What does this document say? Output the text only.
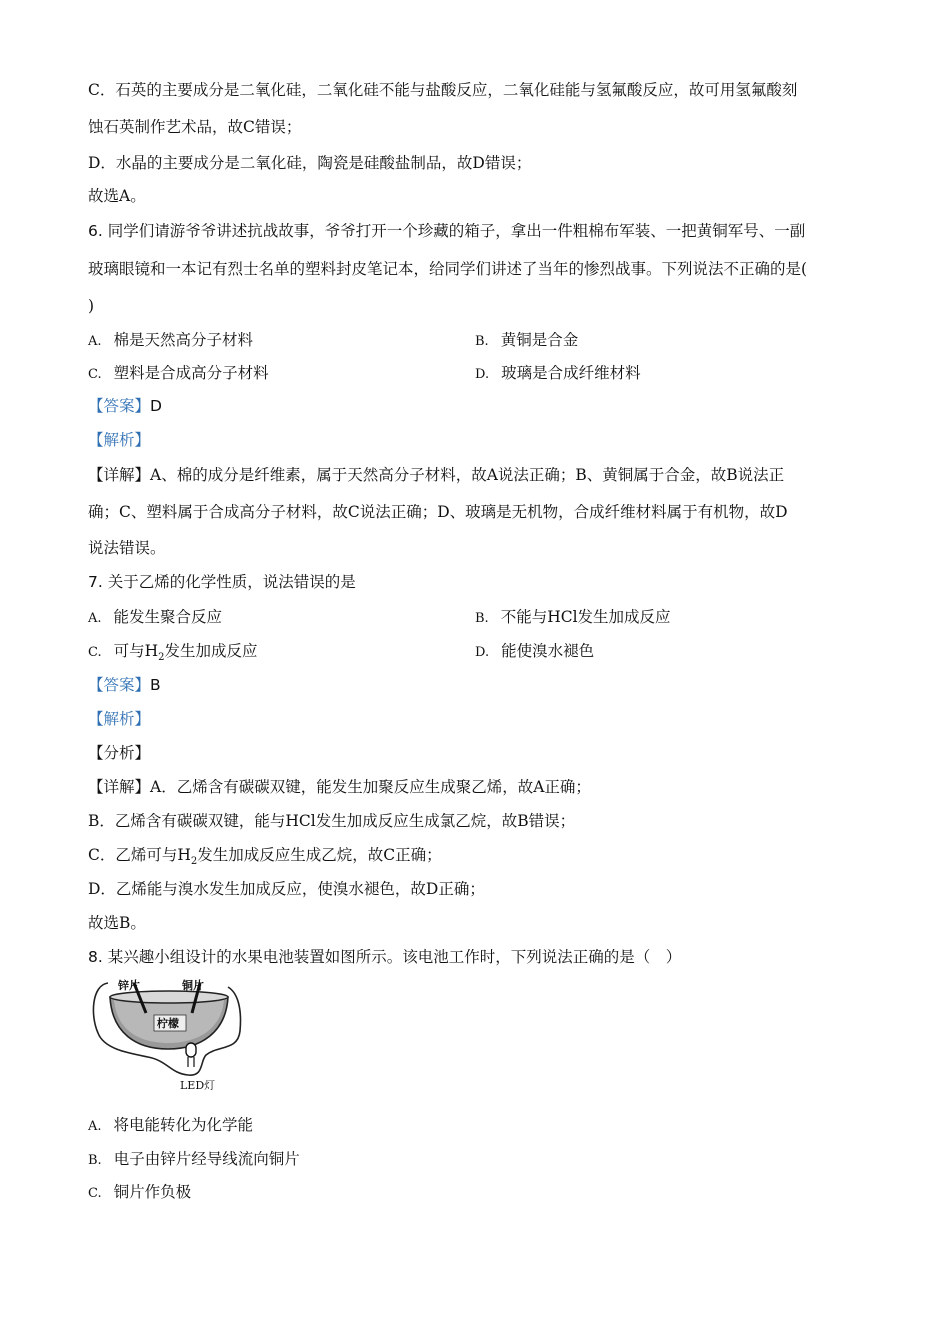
C．石英的主要成分是二氧化硅，二氧化硅不能与盐酸反应，二氧化硅能与氢氟酸反应，故可用氢氟酸刻
蚀石英制作艺术品，故C错误；
D．水晶的主要成分是二氧化硅，陶瓷是硅酸盐制品，故D错误；
故选A。
6. 同学们请游爷爷讲述抗战故事，爷爷打开一个珍藏的箱子，拿出一件粗棉布军装、一把黄铜军号、一副
玻璃眼镜和一本记有烈士名单的塑料封皮笔记本，给同学们讲述了当年的惨烈战事。下列说法不正确的是(
)
A. 棉是天然高分子材料	B. 黄铜是合金
C. 塑料是合成高分子材料	D. 玻璃是合成纤维材料
【答案】D
【解析】
【详解】A、棉的成分是纤维素，属于天然高分子材料，故A说法正确；B、黄铜属于合金，故B说法正
确；C、塑料属于合成高分子材料，故C说法正确；D、玻璃是无机物，合成纤维材料属于有机物，故D
说法错误。
7. 关于乙烯的化学性质，说法错误的是
A. 能发生聚合反应	B. 不能与HCl发生加成反应
C. 可与$H_2$发生加成反应	D. 能使溴水褪色
【答案】B
【解析】
【分析】
【详解】A．乙烯含有碳碳双键，能发生加聚反应生成聚乙烯，故A正确；
B．乙烯含有碳碳双键，能与HCl发生加成反应生成氯乙烷，故B错误；
C．乙烯可与$H_2$发生加成反应生成乙烷，故C正确；
D．乙烯能与溴水发生加成反应，使溴水褪色，故D正确；
故选B。
8. 某兴趣小组设计的水果电池装置如图所示。该电池工作时，下列说法正确的是（　）
锌片	铜片
柠檬
LED灯
A. 将电能转化为化学能
B. 电子由锌片经导线流向铜片
C. 铜片作负极
